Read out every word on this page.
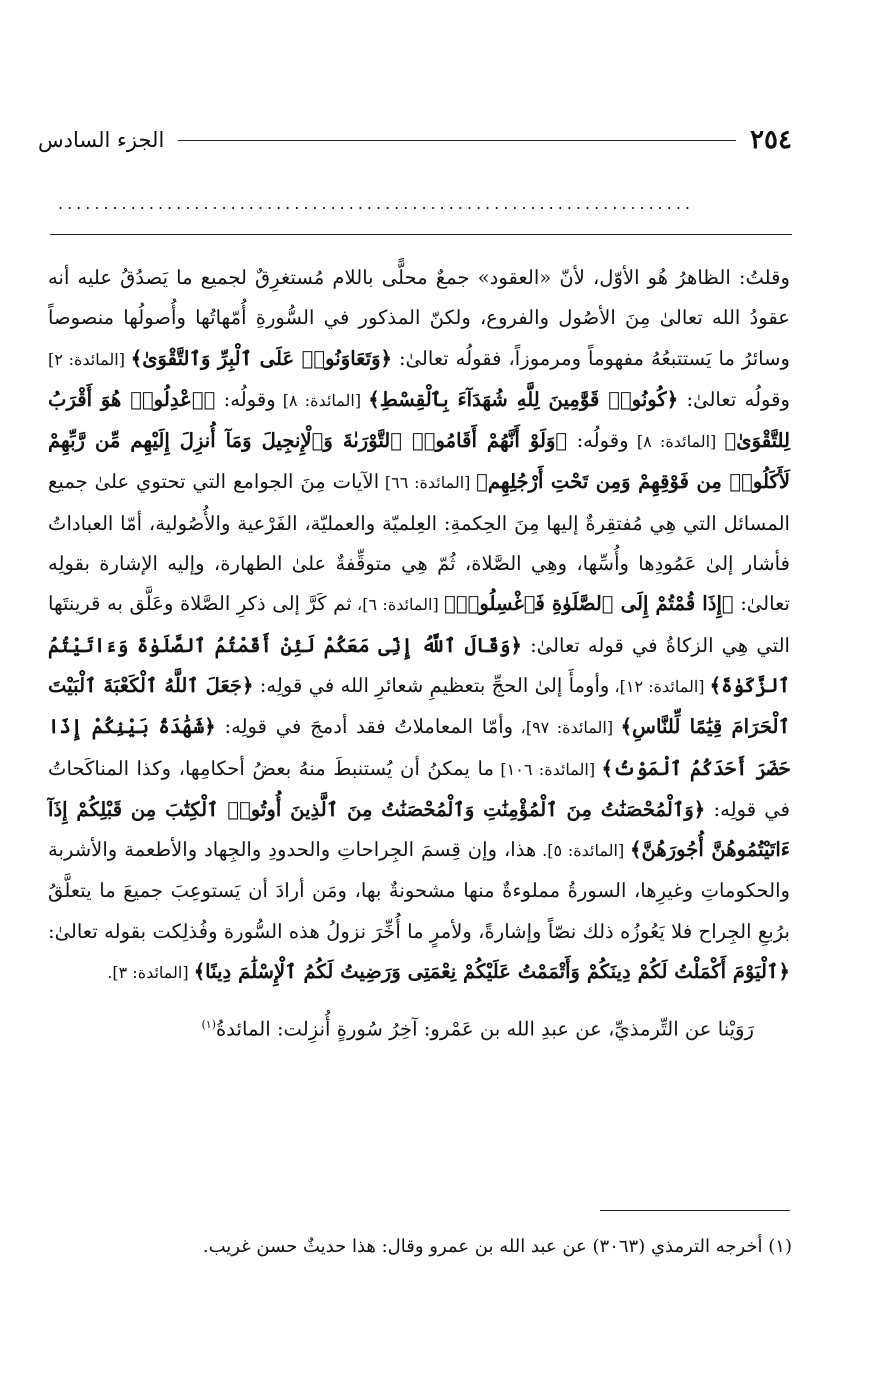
٢٥٤
الجزء السادس
......................................................................

وقلتُ: الظاهرُ هُو الأوّل، لأنّ «العقود» جمعٌ محلًّى باللام مُستغرِقٌ لجميع ما يَصدُقُ عليه أنه عقودُ الله تعالىٰ مِنَ الأصُول والفروع، ولكنّ المذكور في السُّورةِ أُمّهاتُها وأُصولُها منصوصاً وسائرُ ما يَستتبعُهُ مفهوماً ومرموزاً، فقولُه تعالىٰ: ﴿وَتَعَاوَنُوا۟ عَلَى ٱلْبِرِّ وَٱلتَّقْوَىٰ﴾ [المائدة: ٢] وقولُه تعالىٰ: ﴿كُونُوا۟ قَوَّٰمِينَ لِلَّهِ شُهَدَآءَ بِٱلْقِسْطِ﴾ [المائدة: ٨] وقولُه: ﴿ٱعْدِلُوا۟ هُوَ أَقْرَبُ لِلتَّقْوَىٰ﴾ [المائدة: ٨] وقولُه: ﴿وَلَوْ أَنَّهُمْ أَقَامُوا۟ ٱلتَّوْرَىٰةَ وَٱلْإِنجِيلَ وَمَآ أُنزِلَ إِلَيْهِم مِّن رَّبِّهِمْ لَأَكَلُوا۟ مِن فَوْقِهِمْ وَمِن تَحْتِ أَرْجُلِهِم﴾ [المائدة: ٦٦] الآيات مِنَ الجوامع التي تحتوي علىٰ جميع المسائل التي هِي مُفتقِرةٌ إليها مِنَ الحِكمةِ: العِلميّة والعمليّة، الفَرْعية والأُصُولية، أمّا العباداتُ فأشار إلىٰ عَمُودِها وأُسِّها، وهِي الصَّلاة، ثُمّ هِي متوقِّفةٌ علىٰ الطهارة، وإليه الإشارة بقولِه تعالىٰ: ﴿إِذَا قُمْتُمْ إِلَى ٱلصَّلَوٰةِ فَٱغْسِلُوا۟﴾ [المائدة: ٦]، ثم كَرَّ إلى ذكرِ الصَّلاة وعَلَّق به قرينتَها التي هِي الزكاةُ في قوله تعالىٰ: ﴿وَقَالَ ٱللَّهُ إِنِّى مَعَكُمْ لَئِنْ أَقَمْتُمُ ٱلصَّلَوٰةَ وَءَاتَيْتُمُ ٱلزَّكَوٰةَ﴾ [المائدة: ١٢]، وأومأَ إلىٰ الحجِّ بتعظيمِ شعائرِ الله في قولِه: ﴿جَعَلَ ٱللَّهُ ٱلْكَعْبَةَ ٱلْبَيْتَ ٱلْحَرَامَ قِيَٰمًا لِّلنَّاسِ﴾ [المائدة: ٩٧]، وأمّا المعاملاتُ فقد أدمجَ في قولِه: ﴿شَهَٰدَةُ بَيْنِكُمْ إِذَا حَضَرَ أَحَدَكُمُ ٱلْمَوْتُ﴾ [المائدة: ١٠٦] ما يمكنُ أن يُستنبطَ منهُ بعضُ أحكامِها، وكذا المناكَحاتُ في قولِه: ﴿وَٱلْمُحْصَنَٰتُ مِنَ ٱلْمُؤْمِنَٰتِ وَٱلْمُحْصَنَٰتُ مِنَ ٱلَّذِينَ أُوتُوا۟ ٱلْكِتَٰبَ مِن قَبْلِكُمْ إِذَآ ءَاتَيْتُمُوهُنَّ أُجُورَهُنَّ﴾ [المائدة: ٥]. هذا، وإن قِسمَ الجِراحاتِ والحدودِ والجِهاد والأطعمة والأشربة والحكوماتِ وغيرِها، السورةُ مملوءةٌ منها مشحونةٌ بها، ومَن أرادَ أن يَستوعِبَ جميعَ ما يتعلَّقُ برُبعِ الجِراح فلا يَعُوزُه ذلك نصّاً وإشارةً، ولأمرٍ ما أُخِّرَ نزولُ هذه السُّورة وفُذلِكت بقوله تعالىٰ: ﴿ٱلْيَوْمَ أَكْمَلْتُ لَكُمْ دِينَكُمْ وَأَتْمَمْتُ عَلَيْكُمْ نِعْمَتِى وَرَضِيتُ لَكُمُ ٱلْإِسْلَٰمَ دِينًا﴾ [المائدة: ٣].

رَوَيْنا عن التِّرمذيِّ، عن عبدِ الله بن عَمْرو: آخِرُ سُورةٍ أُنزِلت: المائدةُ$^{(١)}$

(١) أخرجه الترمذي (٣٠٦٣) عن عبد الله بن عمرو وقال: هذا حديثٌ حسن غريب.
